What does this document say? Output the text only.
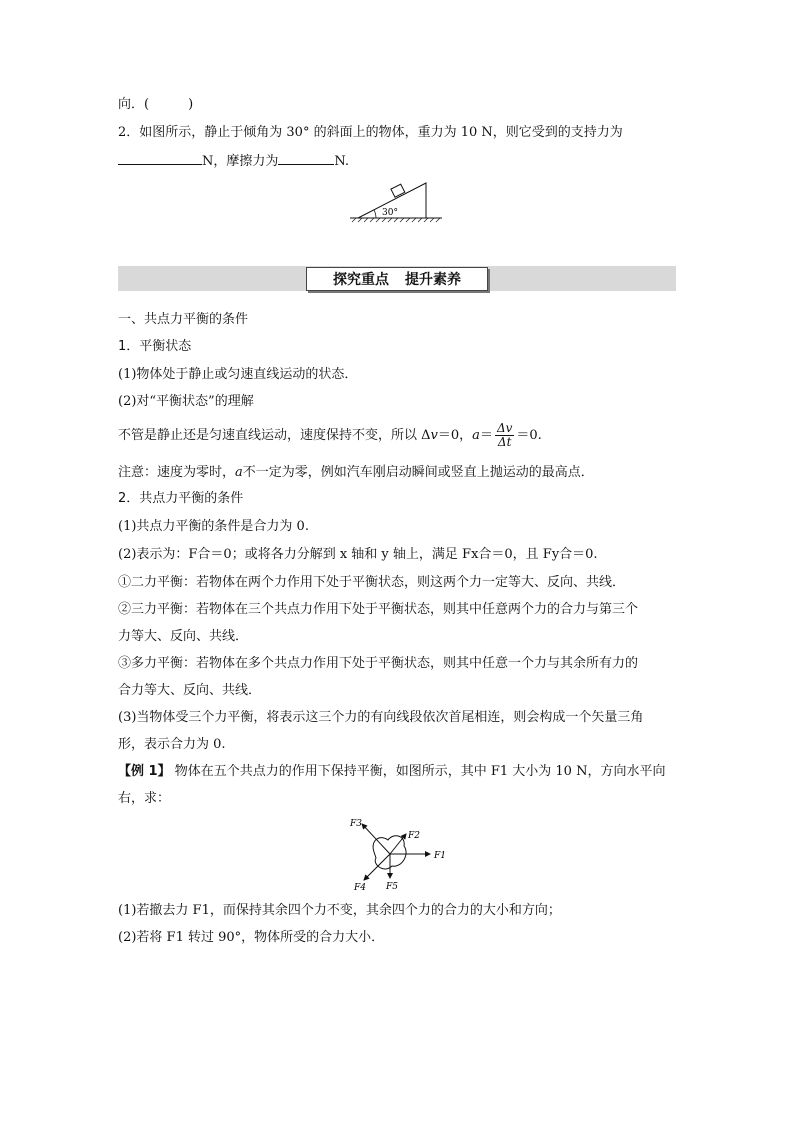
向．(　　　)
2．如图所示，静止于倾角为 30° 的斜面上的物体，重力为 10 N，则它受到的支持力为
N，摩擦力为	N.
30°
探究重点 提升素养
一、共点力平衡的条件
1．平衡状态
(1)物体处于静止或匀速直线运动的状态．
(2)对“平衡状态”的理解
不管是静止还是匀速直线运动，速度保持不变，所以 Δv＝0，$a= \frac{\Delta v}{\Delta t} =0$.
注意：速度为零时，a不一定为零，例如汽车刚启动瞬间或竖直上抛运动的最高点．
2．共点力平衡的条件
(1)共点力平衡的条件是合力为 0.
(2)表示为：F合＝0；或将各力分解到 x 轴和 y 轴上，满足 Fx合＝0，且 Fy合＝0.
①二力平衡：若物体在两个力作用下处于平衡状态，则这两个力一定等大、反向、共线．
②三力平衡：若物体在三个共点力作用下处于平衡状态，则其中任意两个力的合力与第三个
力等大、反向、共线．
③多力平衡：若物体在多个共点力作用下处于平衡状态，则其中任意一个力与其余所有力的
合力等大、反向、共线．
(3)当物体受三个力平衡，将表示这三个力的有向线段依次首尾相连，则会构成一个矢量三角
形，表示合力为 0.
【例 1】 物体在五个共点力的作用下保持平衡，如图所示，其中 F1 大小为 10 N，方向水平向
右，求：
F3
F2
F1
F4 F5
(1)若撤去力 F1，而保持其余四个力不变，其余四个力的合力的大小和方向；
(2)若将 F1 转过 90°，物体所受的合力大小．
